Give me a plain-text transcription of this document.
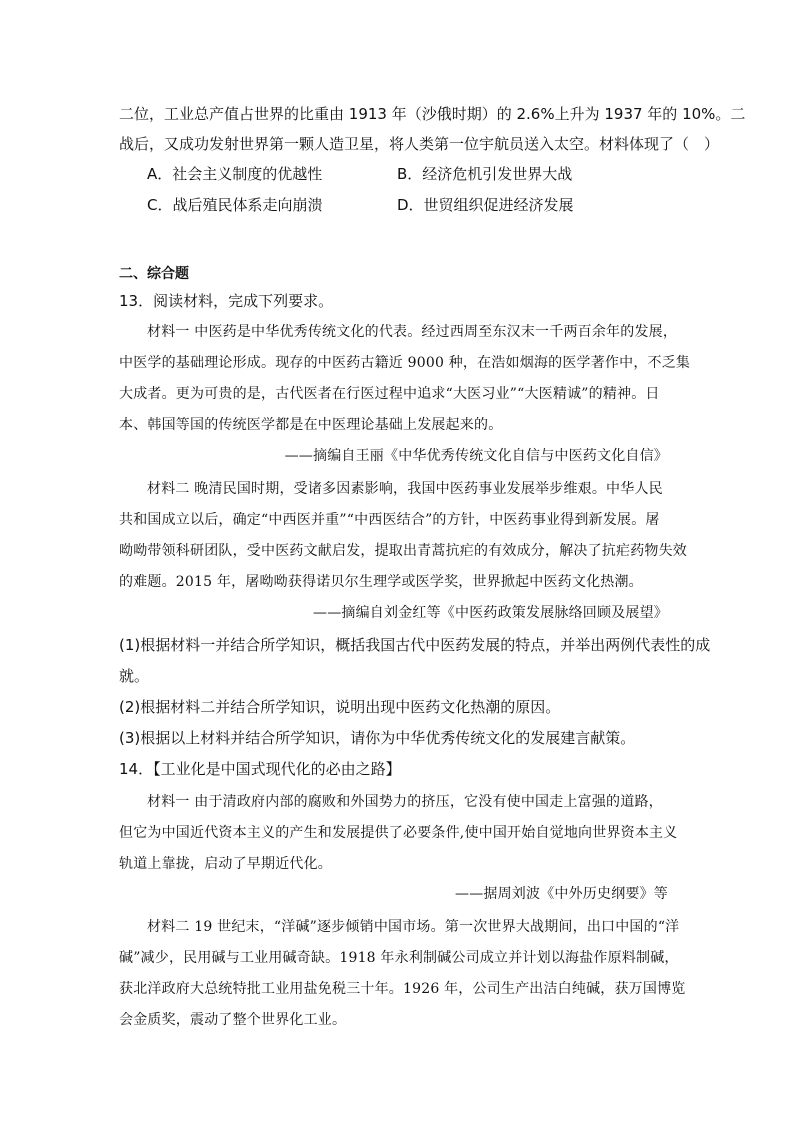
二位，工业总产值占世界的比重由 1913 年（沙俄时期）的 2.6%上升为 1937 年的 10%。二
战后，又成功发射世界第一颗人造卫星，将人类第一位宇航员送入太空。材料体现了（　）
A．社会主义制度的优越性	B．经济危机引发世界大战
C．战后殖民体系走向崩溃	D．世贸组织促进经济发展
二、综合题
13．阅读材料，完成下列要求。
材料一 中医药是中华优秀传统文化的代表。经过西周至东汉末一千两百余年的发展，
中医学的基础理论形成。现存的中医药古籍近 9000 种，在浩如烟海的医学著作中，不乏集
大成者。更为可贵的是，古代医者在行医过程中追求“大医习业”“大医精诚”的精神。日
本、韩国等国的传统医学都是在中医理论基础上发展起来的。
——摘编自王丽《中华优秀传统文化自信与中医药文化自信》
材料二 晚清民国时期，受诸多因素影响，我国中医药事业发展举步维艰。中华人民
共和国成立以后，确定“中西医并重”“中西医结合”的方针，中医药事业得到新发展。屠
呦呦带领科研团队，受中医药文献启发，提取出青蒿抗疟的有效成分，解决了抗疟药物失效
的难题。2015 年，屠呦呦获得诺贝尔生理学或医学奖，世界掀起中医药文化热潮。
——摘编自刘金红等《中医药政策发展脉络回顾及展望》
(1)根据材料一并结合所学知识，概括我国古代中医药发展的特点，并举出两例代表性的成
就。
(2)根据材料二并结合所学知识，说明出现中医药文化热潮的原因。
(3)根据以上材料并结合所学知识，请你为中华优秀传统文化的发展建言献策。
14．【工业化是中国式现代化的必由之路】
材料一 由于清政府内部的腐败和外国势力的挤压，它没有使中国走上富强的道路，
但它为中国近代资本主义的产生和发展提供了必要条件,使中国开始自觉地向世界资本主义
轨道上靠拢，启动了早期近代化。
——据周刘波《中外历史纲要》等
材料二 19 世纪末，“洋碱”逐步倾销中国市场。第一次世界大战期间，出口中国的“洋
碱”减少，民用碱与工业用碱奇缺。1918 年永利制碱公司成立并计划以海盐作原料制碱，
获北洋政府大总统特批工业用盐免税三十年。1926 年，公司生产出洁白纯碱，获万国博览
会金质奖，震动了整个世界化工业。
